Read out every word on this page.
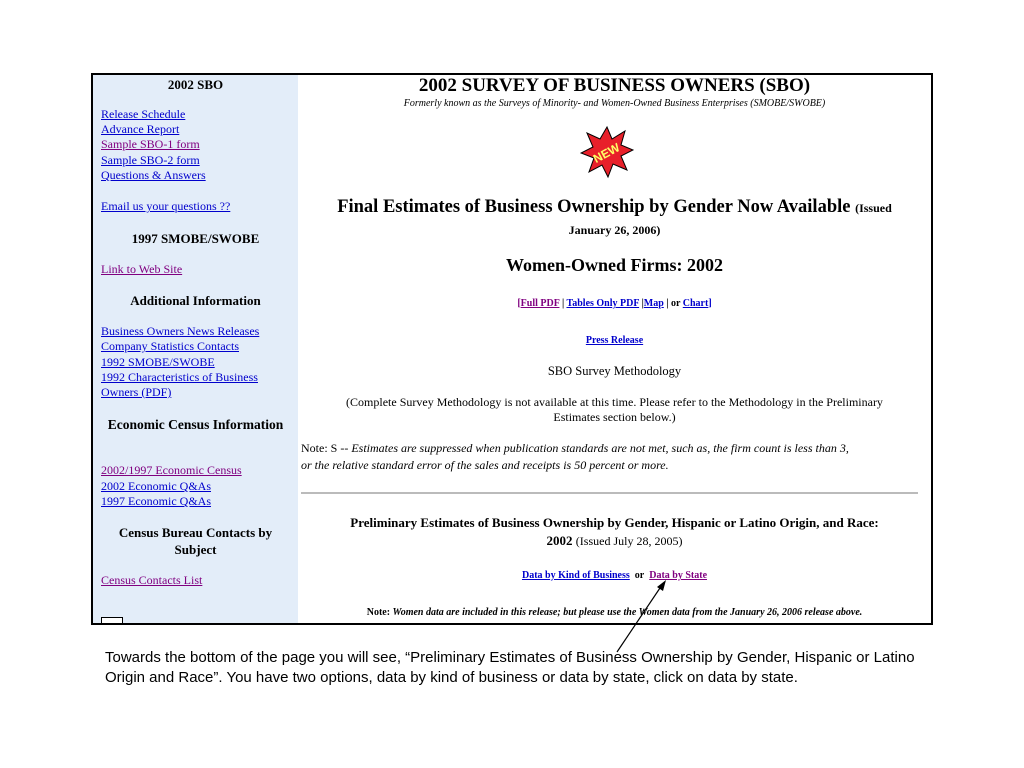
2002 SBO
Release Schedule
Advance Report
Sample SBO-1 form
Sample SBO-2 form
Questions & Answers
Email us your questions ??
1997 SMOBE/SWOBE
Link to Web Site
Additional Information
Business Owners News Releases
Company Statistics Contacts
1992 SMOBE/SWOBE
1992 Characteristics of Business
Owners (PDF)
Economic Census Information
2002/1997 Economic Census
2002 Economic Q&As
1997 Economic Q&As
Census Bureau Contacts by
Subject
Census Contacts List
2002 SURVEY OF BUSINESS OWNERS (SBO)
Formerly known as the Surveys of Minority- and Women-Owned Business Enterprises (SMOBE/SWOBE)
NEW
Final Estimates of Business Ownership by Gender Now Available (Issued
January 26, 2006)
Women-Owned Firms: 2002
[Full PDF | Tables Only PDF |Map | or Chart]
Press Release
SBO Survey Methodology
(Complete Survey Methodology is not available at this time. Please refer to the Methodology in the Preliminary
Estimates section below.)
Note: S -- Estimates are suppressed when publication standards are not met, such as, the firm count is less than 3,
or the relative standard error of the sales and receipts is 50 percent or more.
Preliminary Estimates of Business Ownership by Gender, Hispanic or Latino Origin, and Race:
2002 (Issued July 28, 2005)
Data by Kind of Business or Data by State
Note: Women data are included in this release; but please use the Women data from the January 26, 2006 release above.
Towards the bottom of the page you will see, “Preliminary Estimates of Business Ownership by Gender, Hispanic or Latino Origin and Race”. You have two options, data by kind of business or data by state, click on data by state.
